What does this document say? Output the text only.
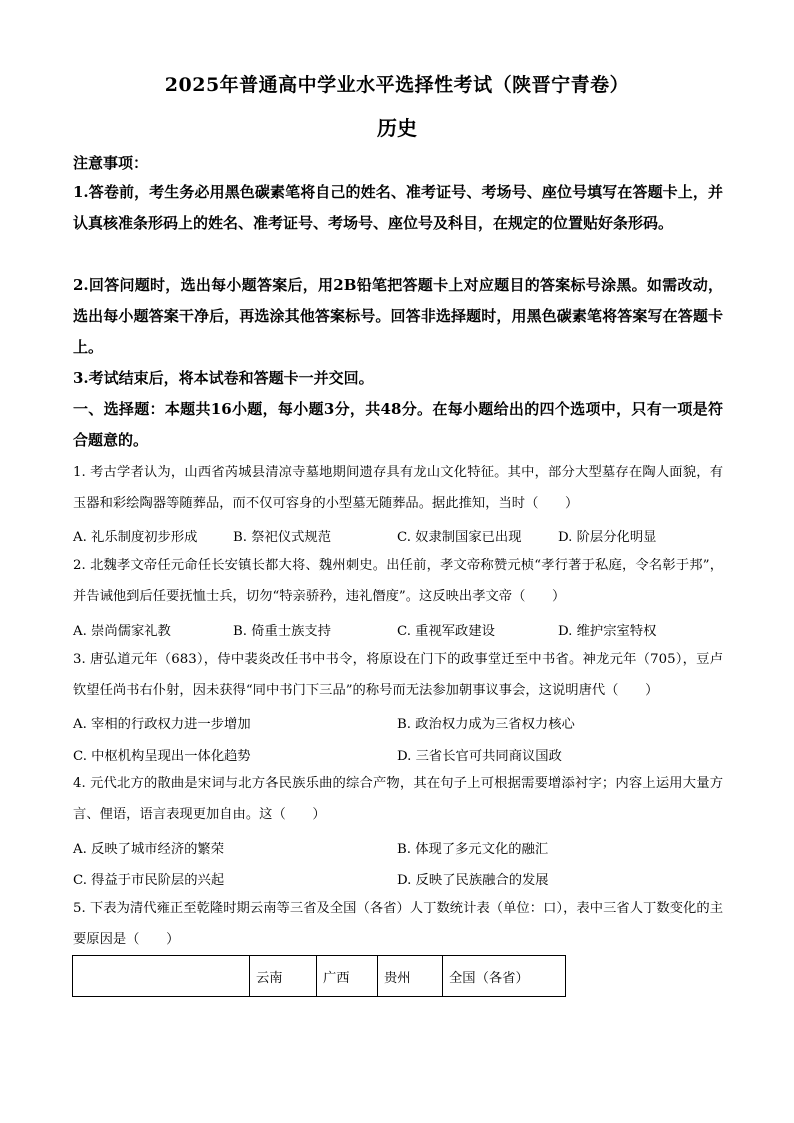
2025年普通高中学业水平选择性考试（陕晋宁青卷）
历史
注意事项：
1.答卷前，考生务必用黑色碳素笔将自己的姓名、准考证号、考场号、座位号填写在答题卡上，并认真核准条形码上的姓名、准考证号、考场号、座位号及科目，在规定的位置贴好条形码。
2.回答问题时，选出每小题答案后，用2B铅笔把答题卡上对应题目的答案标号涂黑。如需改动，选出每小题答案干净后，再选涂其他答案标号。回答非选择题时，用黑色碳素笔将答案写在答题卡上。
3.考试结束后，将本试卷和答题卡一并交回。
一、选择题：本题共16小题，每小题3分，共48分。在每小题给出的四个选项中，只有一项是符合题意的。
1. 考古学者认为，山西省芮城县清凉寺墓地期间遗存具有龙山文化特征。其中，部分大型墓存在陶人面貌，有玉器和彩绘陶器等随葬品，而不仅可容身的小型墓无随葬品。据此推知，当时（　　）
A. 礼乐制度初步形成	B. 祭祀仪式规范	C. 奴隶制国家已出现	D. 阶层分化明显
2. 北魏孝文帝任元命任长安镇长都大将、魏州刺史。出任前，孝文帝称赞元桢“孝行著于私庭，令名彰于邦”，并告诫他到后任要抚恤士兵，切勿“特亲骄矜，违礼僭度”。这反映出孝文帝（　　）
A. 崇尚儒家礼教	B. 倚重士族支持	C. 重视军政建设	D. 维护宗室特权
3. 唐弘道元年（683），侍中裴炎改任书中书令，将原设在门下的政事堂迁至中书省。神龙元年（705），豆卢钦望任尚书右仆射，因未获得“同中书门下三品”的称号而无法参加朝事议事会，这说明唐代（　　）
A. 宰相的行政权力进一步增加	B. 政治权力成为三省权力核心
C. 中枢机构呈现出一体化趋势	D. 三省长官可共同商议国政
4. 元代北方的散曲是宋词与北方各民族乐曲的综合产物，其在句子上可根据需要增添衬字；内容上运用大量方言、俚语，语言表现更加自由。这（　　）
A. 反映了城市经济的繁荣	B. 体现了多元文化的融汇
C. 得益于市民阶层的兴起	D. 反映了民族融合的发展
5. 下表为清代雍正至乾隆时期云南等三省及全国（各省）人丁数统计表（单位：口），表中三省人丁数变化的主要原因是（　　）
	云南	广西	贵州	全国（各省）
